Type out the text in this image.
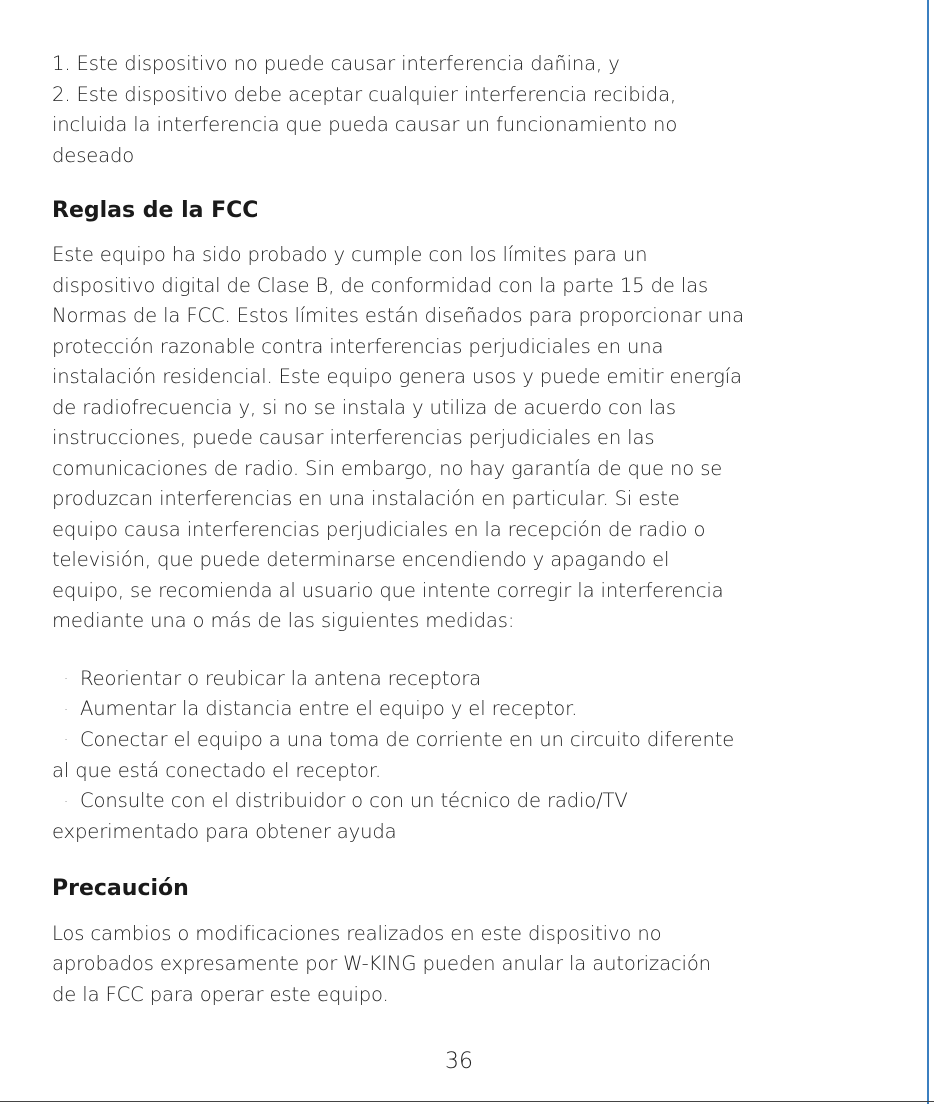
1. Este dispositivo no puede causar interferencia dañina, y
2. Este dispositivo debe aceptar cualquier interferencia recibida,
incluida la interferencia que pueda causar un funcionamiento no
deseado

Reglas de la FCC

Este equipo ha sido probado y cumple con los límites para un
dispositivo digital de Clase B, de conformidad con la parte 15 de las
Normas de la FCC. Estos límites están diseñados para proporcionar una
protección razonable contra interferencias perjudiciales en una
instalación residencial. Este equipo genera usos y puede emitir energía
de radiofrecuencia y, si no se instala y utiliza de acuerdo con las
instrucciones, puede causar interferencias perjudiciales en las
comunicaciones de radio. Sin embargo, no hay garantía de que no se
produzcan interferencias en una instalación en particular. Si este
equipo causa interferencias perjudiciales en la recepción de radio o
televisión, que puede determinarse encendiendo y apagando el
equipo, se recomienda al usuario que intente corregir la interferencia
mediante una o más de las siguientes medidas:

· Reorientar o reubicar la antena receptora
· Aumentar la distancia entre el equipo y el receptor.
· Conectar el equipo a una toma de corriente en un circuito diferente
al que está conectado el receptor.
· Consulte con el distribuidor o con un técnico de radio/TV
experimentado para obtener ayuda

Precaución

Los cambios o modificaciones realizados en este dispositivo no
aprobados expresamente por W-KING pueden anular la autorización
de la FCC para operar este equipo.

36
